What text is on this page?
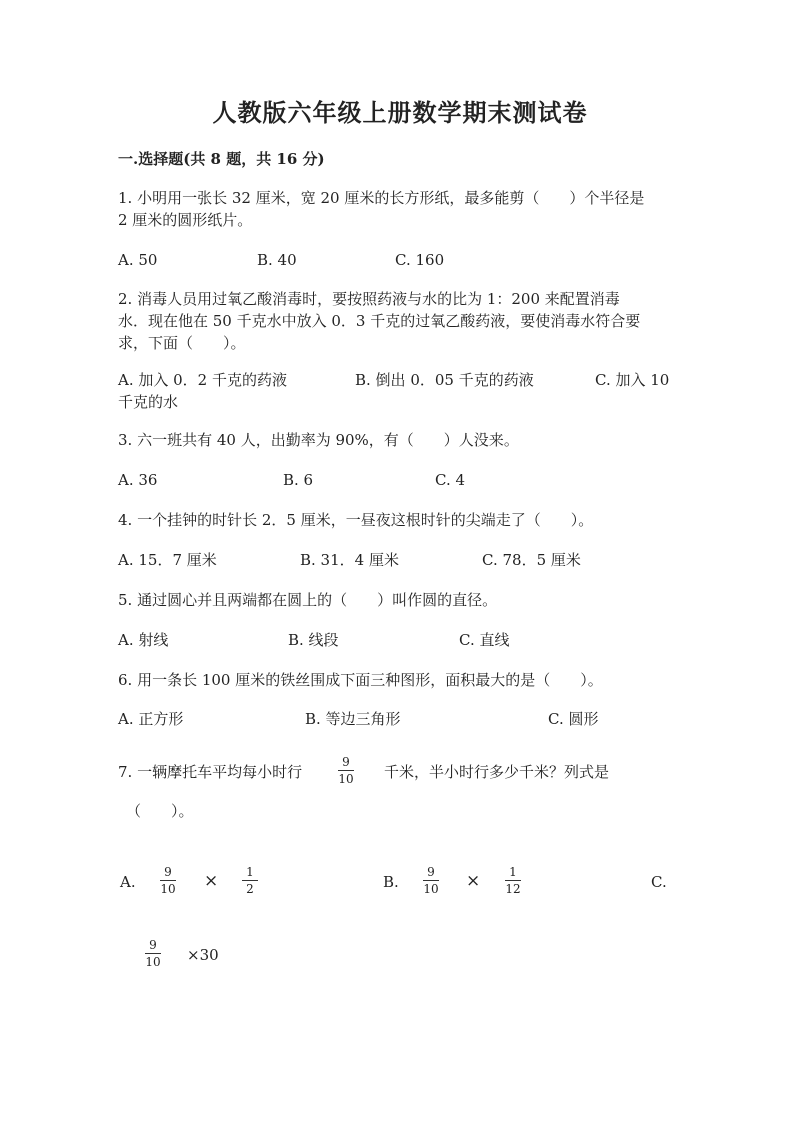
人教版六年级上册数学期末测试卷
一.选择题(共 8 题，共 16 分)
1. 小明用一张长 32 厘米，宽 20 厘米的长方形纸，最多能剪（　　）个半径是
2 厘米的圆形纸片。
A. 50	B. 40	C. 160
2. 消毒人员用过氧乙酸消毒时，要按照药液与水的比为 1：200 来配置消毒
水．现在他在 50 千克水中放入 0．3 千克的过氧乙酸药液，要使消毒水符合要
求，下面（　　）。
A. 加入 0．2 千克的药液	B. 倒出 0．05 千克的药液	C. 加入 10
千克的水
3. 六一班共有 40 人，出勤率为 90%，有（　　）人没来。
A. 36	B. 6	C. 4
4. 一个挂钟的时针长 2．5 厘米，一昼夜这根时针的尖端走了（　　）。
A. 15．7 厘米	B. 31．4 厘米	C. 78．5 厘米
5. 通过圆心并且两端都在圆上的（　　）叫作圆的直径。
A. 射线	B. 线段	C. 直线
6. 用一条长 100 厘米的铁丝围成下面三种图形，面积最大的是（　　）。
A. 正方形	B. 等边三角形	C. 圆形
7. 一辆摩托车平均每小时行
9
10 千米，半小时行多少千米？列式是
（　　）。
A.
9
10 × 1
2	B.
9
10 × 1
12	C.
9
10 ×30
